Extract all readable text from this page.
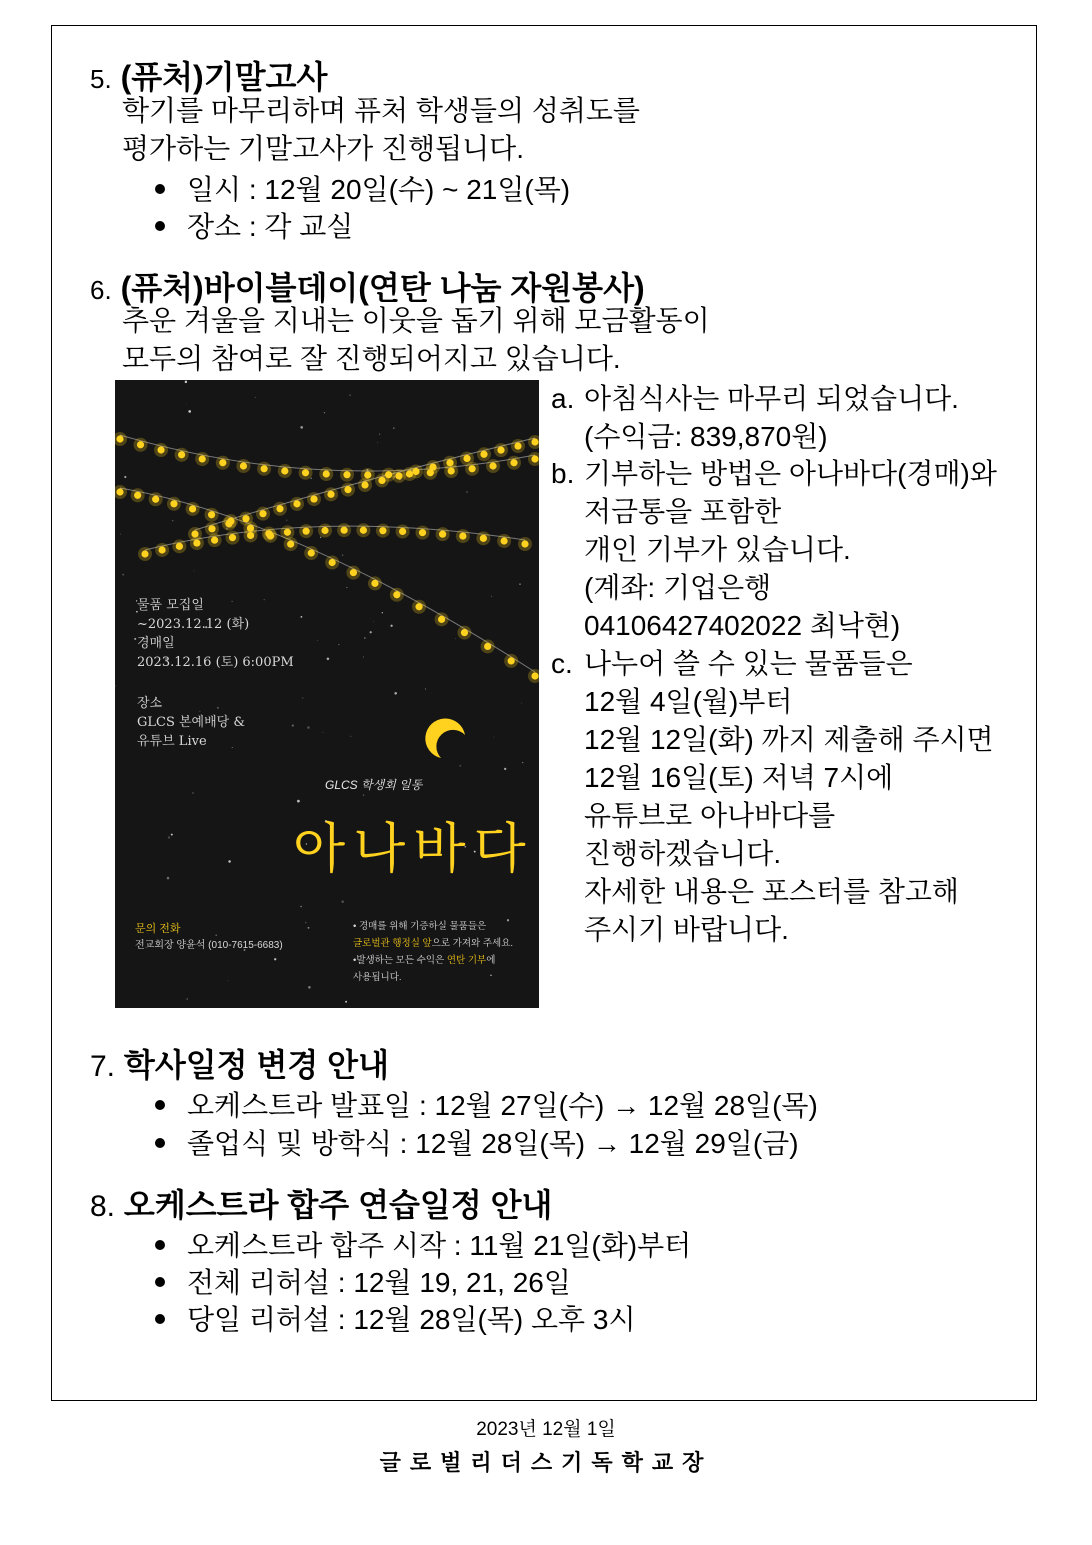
5. (퓨처)기말고사
학기를 마무리하며 퓨처 학생들의 성취도를
평가하는 기말고사가 진행됩니다.
일시 : 12월 20일(수) ~ 21일(목)
장소 : 각 교실
6. (퓨처)바이블데이(연탄 나눔 자원봉사)
추운 겨울을 지내는 이웃을 돕기 위해 모금활동이
모두의 참여로 잘 진행되어지고 있습니다.
물품 모집일
~2023.12.12 (화)
경매일
2023.12.16 (토) 6:00PM
장소
GLCS 본예배당 &
유튜브 Live
GLCS 학생회 일동
아나바다
문의 전화
전교회장 양윤석 (010-7615-6683)
• 경매를 위해 기증하실 물품들은
글로벌관 행정실 앞으로 가져와 주세요.
•발생하는 모든 수익은 연탄 기부에
사용됩니다.
a. 아침식사는 마무리 되었습니다.
(수익금: 839,870원)
b. 기부하는 방법은 아나바다(경매)와
저금통을 포함한
개인 기부가 있습니다.
(계좌: 기업은행
04106427402022 최낙현)
c. 나누어 쓸 수 있는 물품들은
12월 4일(월)부터
12월 12일(화) 까지 제출해 주시면
12월 16일(토) 저녁 7시에
유튜브로 아나바다를
진행하겠습니다.
자세한 내용은 포스터를 참고해
주시기 바랍니다.
7. 학사일정 변경 안내
오케스트라 발표일 : 12월 27일(수) → 12월 28일(목)
졸업식 및 방학식 : 12월 28일(목) → 12월 29일(금)
8. 오케스트라 합주 연습일정 안내
오케스트라 합주 시작 : 11월 21일(화)부터
전체 리허설 : 12월 19, 21, 26일
당일 리허설 : 12월 28일(목) 오후 3시
2023년 12월 1일
글로벌리더스기독학교장
